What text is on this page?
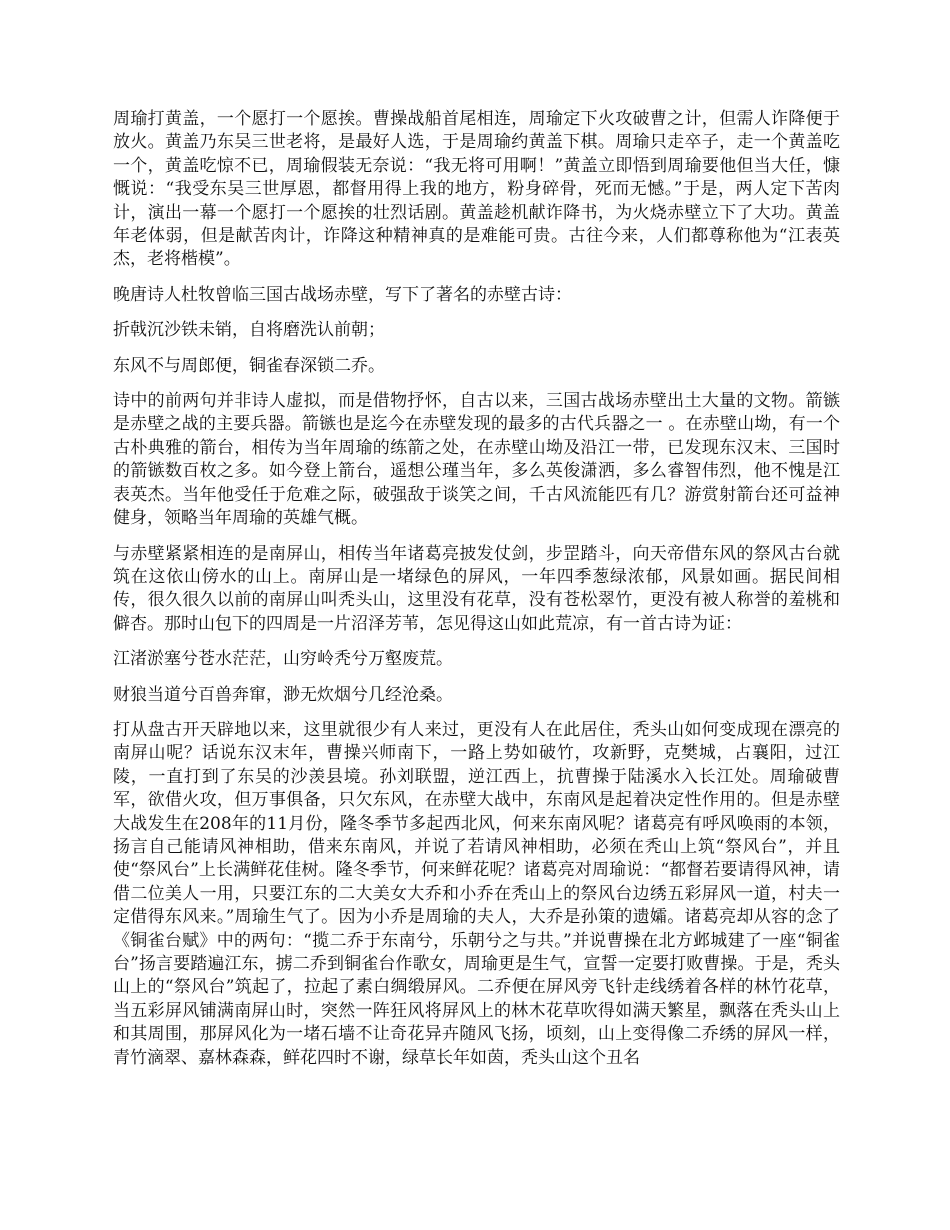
周瑜打黄盖，一个愿打一个愿挨。曹操战船首尾相连，周瑜定下火攻破曹之计，但需人诈降便于放火。黄盖乃东吴三世老将，是最好人选，于是周瑜约黄盖下棋。周瑜只走卒子，走一个黄盖吃一个，黄盖吃惊不已，周瑜假装无奈说：“我无将可用啊！”黄盖立即悟到周瑜要他但当大任，慷慨说：“我受东吴三世厚恩，都督用得上我的地方，粉身碎骨，死而无憾。”于是，两人定下苦肉计，演出一幕一个愿打一个愿挨的壮烈话剧。黄盖趁机献诈降书，为火烧赤壁立下了大功。黄盖年老体弱，但是献苦肉计，诈降这种精神真的是难能可贵。古往今来，人们都尊称他为“江表英杰，老将楷模”。

晚唐诗人杜牧曾临三国古战场赤壁，写下了著名的赤壁古诗：

折戟沉沙铁未销，自将磨洗认前朝；

东风不与周郎便，铜雀春深锁二乔。

诗中的前两句并非诗人虚拟，而是借物抒怀，自古以来，三国古战场赤壁出土大量的文物。箭镞是赤壁之战的主要兵器。箭镞也是迄今在赤壁发现的最多的古代兵器之一 。在赤壁山坳，有一个古朴典雅的箭台，相传为当年周瑜的练箭之处，在赤壁山坳及沿江一带，已发现东汉末、三国时的箭镞数百枚之多。如今登上箭台，遥想公瑾当年，多么英俊潇洒，多么睿智伟烈，他不愧是江表英杰。当年他受任于危难之际，破强敌于谈笑之间，千古风流能匹有几？游赏射箭台还可益神健身，领略当年周瑜的英雄气概。

与赤壁紧紧相连的是南屏山，相传当年诸葛亮披发仗剑，步罡踏斗，向天帝借东风的祭风古台就筑在这依山傍水的山上。南屏山是一堵绿色的屏风，一年四季葱绿浓郁，风景如画。据民间相传，很久很久以前的南屏山叫秃头山，这里没有花草，没有苍松翠竹，更没有被人称誉的羞桃和僻杏。那时山包下的四周是一片沼泽芳苇，怎见得这山如此荒凉，有一首古诗为证：

江渚淤塞兮苍水茫茫，山穷岭秃兮万壑废荒。

财狼当道兮百兽奔窜，渺无炊烟兮几经沧桑。

打从盘古开天辟地以来，这里就很少有人来过，更没有人在此居住，秃头山如何变成现在漂亮的南屏山呢？话说东汉末年，曹操兴师南下，一路上势如破竹，攻新野，克樊城，占襄阳，过江陵，一直打到了东吴的沙羡县境。孙刘联盟，逆江西上，抗曹操于陆溪水入长江处。周瑜破曹军，欲借火攻，但万事俱备，只欠东风，在赤壁大战中，东南风是起着决定性作用的。但是赤壁大战发生在208年的11月份，隆冬季节多起西北风，何来东南风呢？诸葛亮有呼风唤雨的本领，扬言自己能请风神相助，借来东南风，并说了若请风神相助，必须在秃山上筑“祭风台”，并且使“祭风台”上长满鲜花佳树。隆冬季节，何来鲜花呢？诸葛亮对周瑜说：“都督若要请得风神，请借二位美人一用，只要江东的二大美女大乔和小乔在秃山上的祭风台边绣五彩屏风一道，村夫一定借得东风来。”周瑜生气了。因为小乔是周瑜的夫人，大乔是孙策的遗孀。诸葛亮却从容的念了《铜雀台赋》中的两句：“揽二乔于东南兮，乐朝兮之与共。”并说曹操在北方邺城建了一座“铜雀台”扬言要踏遍江东，掳二乔到铜雀台作歌女，周瑜更是生气，宣誓一定要打败曹操。于是，秃头山上的“祭风台”筑起了，拉起了素白绸缎屏风。二乔便在屏风旁飞针走线绣着各样的林竹花草，当五彩屏风铺满南屏山时，突然一阵狂风将屏风上的林木花草吹得如满天繁星，飘落在秃头山上和其周围，那屏风化为一堵石墙不让奇花异卉随风飞扬，顷刻，山上变得像二乔绣的屏风一样，青竹滴翠、嘉林森森，鲜花四时不谢，绿草长年如茵，秃头山这个丑名
